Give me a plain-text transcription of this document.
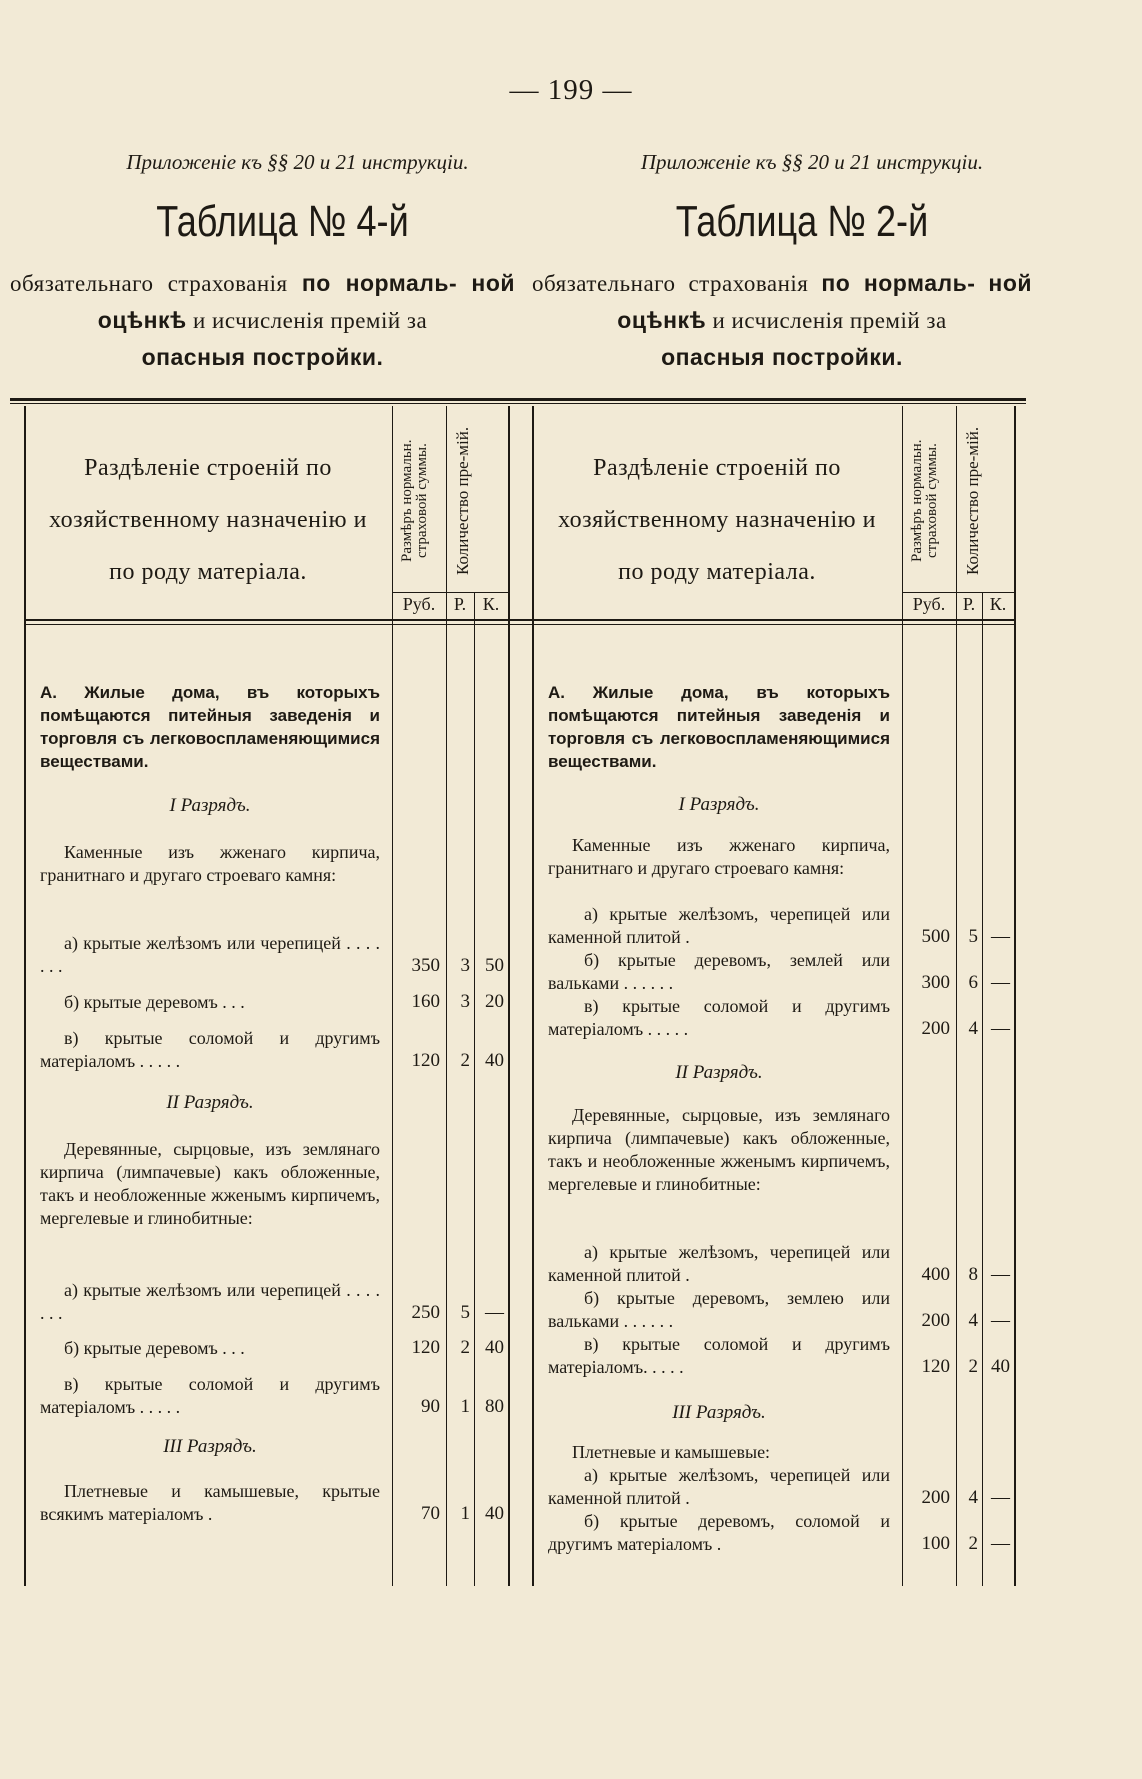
— 199 —
Приложеніе къ §§ 20 и 21 инструкціи.
Таблица № 4-й
обязательнаго страхованія по нормаль- ной оцѣнкѣ и исчисленія премій за
опасныя постройки.
Приложеніе къ §§ 20 и 21 инструкціи.
Таблица № 2-й
обязательнаго страхованія по нормаль- ной оцѣнкѣ и исчисленія премій за
опасныя постройки.
Раздѣленіе строеній по хозяйственному назначенію и по роду матеріала.
Размѣръ нормальн. страховой суммы.	Количество пре-мій.
Руб.	Р. К.
А. Жилые дома, въ которыхъ помѣщаются питейныя заведенія и торговля съ легковоспламеняющимися веществами.
I Разрядъ.
Каменные изъ жженаго кирпича, гранитнаго и другаго строеваго камня:
а) крытые желѣзомъ или черепицей . . . . . . .	350	3 50
б) крытые деревомъ . . .	160	3 20
в) крытые соломой и другимъ матеріаломъ . . . . .	120	2 40
II Разрядъ.
Деревянные, сырцовые, изъ землянаго кирпича (лимпачевые) какъ обложенные, такъ и необложенные жженымъ кирпичемъ, мергелевые и глинобитные:
а) крытые желѣзомъ или черепицей . . . . . . .	250	5 —
б) крытые деревомъ . . .	120	2 40
в) крытые соломой и другимъ матеріаломъ . . . . .	90	1 80
III Разрядъ.
Плетневые и камышевые, крытые всякимъ матеріаломъ .	70	1 40
Раздѣленіе строеній по хозяйственному назначенію и по роду матеріала.
Размѣръ нормальн. страховой суммы.	Количество пре-мій.
Руб. Р. К.
А. Жилые дома, въ которыхъ помѣщаются питейныя заведенія и торговля съ легковоспламеняющимися веществами.
I Разрядъ.
Каменные изъ жженаго кирпича, гранитнаго и другаго строеваго камня:
а) крытые желѣзомъ, черепицей или каменной плитой .	500 5 —
б) крытые деревомъ, землей или вальками . . . . . .	300 6 —
в) крытые соломой и другимъ матеріаломъ . . . . .	200 4 —
II Разрядъ.
Деревянные, сырцовые, изъ землянаго кирпича (лимпачевые) какъ обложенные, такъ и необложенные жженымъ кирпичемъ, мергелевые и глинобитные:
а) крытые желѣзомъ, черепицей или каменной плитой .	400 8 —
б) крытые деревомъ, землею или вальками . . . . . .	200 4 —
в) крытые соломой и другимъ матеріаломъ. . . . .	120 2 40
III Разрядъ.
Плетневые и камышевые:
а) крытые желѣзомъ, черепицей или каменной плитой .	200 4 —
б) крытые деревомъ, соломой и другимъ матеріаломъ .	100 2 —
